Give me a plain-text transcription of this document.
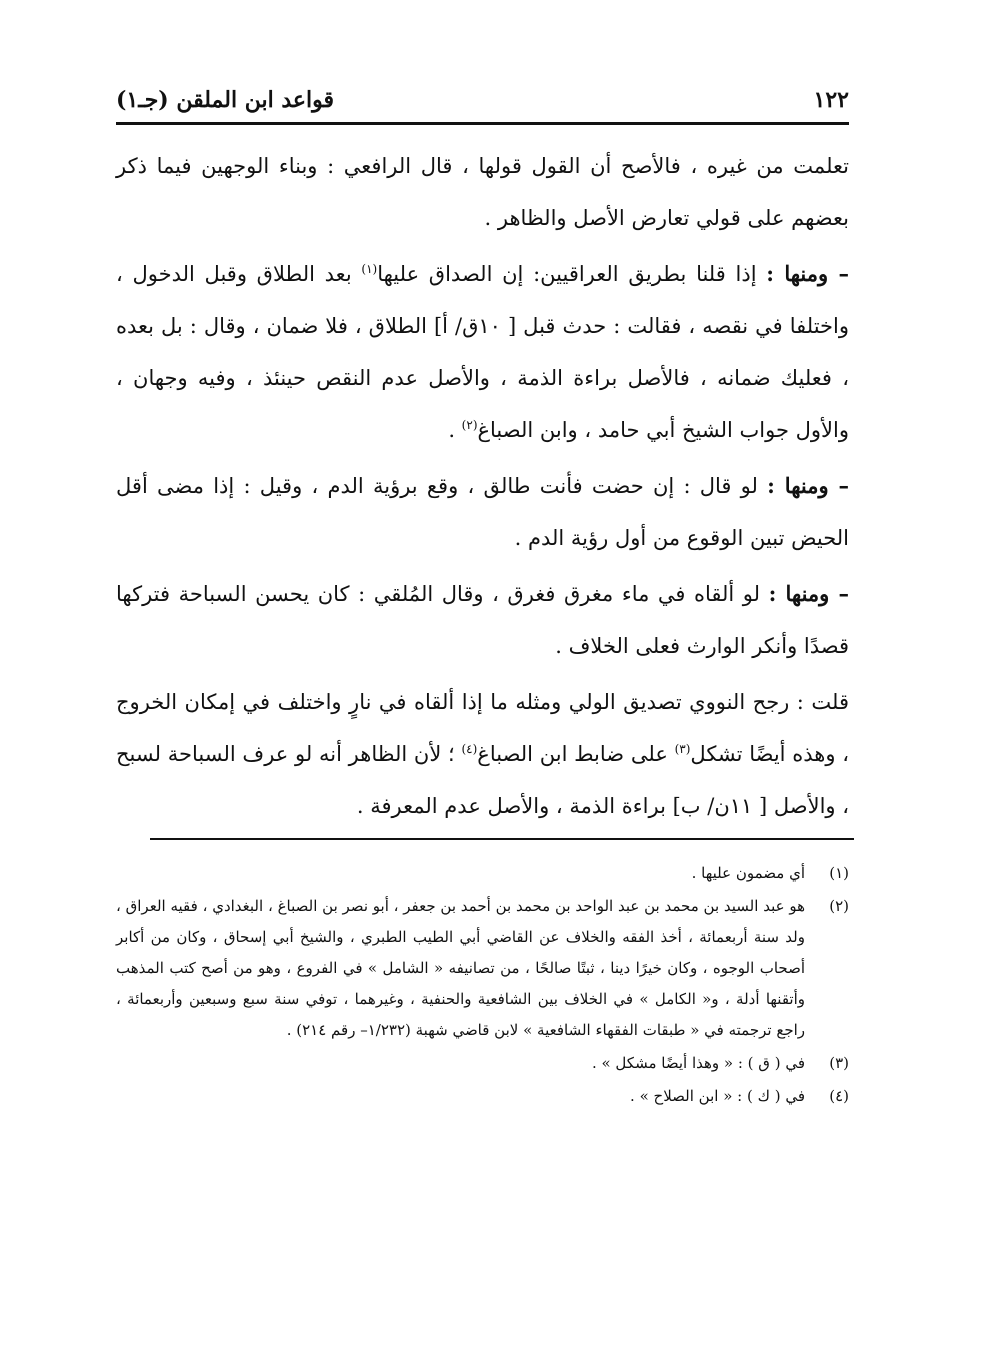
١٢٢
قواعد ابن الملقن (جـ١)

تعلمت من غيره ، فالأصح أن القول قولها ، قال الرافعي : وبناء الوجهين فيما ذكر بعضهم على قولي تعارض الأصل والظاهر .

– ومنها : إذا قلنا بطريق العراقيين: إن الصداق عليها$^{(١)}$ بعد الطلاق وقبل الدخول ، واختلفا في نقصه ، فقالت : حدث قبل [ ١٠ق/ أ] الطلاق ، فلا ضمان ، وقال : بل بعده ، فعليك ضمانه ، فالأصل براءة الذمة ، والأصل عدم النقص حينئذ ، وفيه وجهان ، والأول جواب الشيخ أبي حامد ، وابن الصباغ$^{(٢)}$ .

– ومنها : لو قال : إن حضت فأنت طالق ، وقع برؤية الدم ، وقيل : إذا مضى أقل الحيض تبين الوقوع من أول رؤية الدم .

– ومنها : لو ألقاه في ماء مغرق فغرق ، وقال المُلقي : كان يحسن السباحة فتركها قصدًا وأنكر الوارث فعلى الخلاف .

قلت : رجح النووي تصديق الولي ومثله ما إذا ألقاه في نارٍ واختلف في إمكان الخروج ، وهذه أيضًا تشكل$^{(٣)}$ على ضابط ابن الصباغ$^{(٤)}$ ؛ لأن الظاهر أنه لو عرف السباحة لسبح ، والأصل [ ١١ن/ ب] براءة الذمة ، والأصل عدم المعرفة .

(١)
أي مضمون عليها .
(٢)
هو عبد السيد بن محمد بن عبد الواحد بن محمد بن أحمد بن جعفر ، أبو نصر بن الصباغ ، البغدادي ، فقيه العراق ، ولد سنة أربعمائة ، أخذ الفقه والخلاف عن القاضي أبي الطيب الطبري ، والشيخ أبي إسحاق ، وكان من أكابر أصحاب الوجوه ، وكان خيرًا دينا ، ثبتًا صالحًا ، من تصانيفه « الشامل » في الفروع ، وهو من أصح كتب المذهب وأتقنها أدلة ، و« الكامل » في الخلاف بين الشافعية والحنفية ، وغيرهما ، توفي سنة سبع وسبعين وأربعمائة ، راجع ترجمته في « طبقات الفقهاء الشافعية » لابن قاضي شهبة (١/٢٣٢– رقم ٢١٤) .
(٣)
في ( ق ) : « وهذا أيضًا مشكل » .
(٤)
في ( ك ) : « ابن الصلاح » .
